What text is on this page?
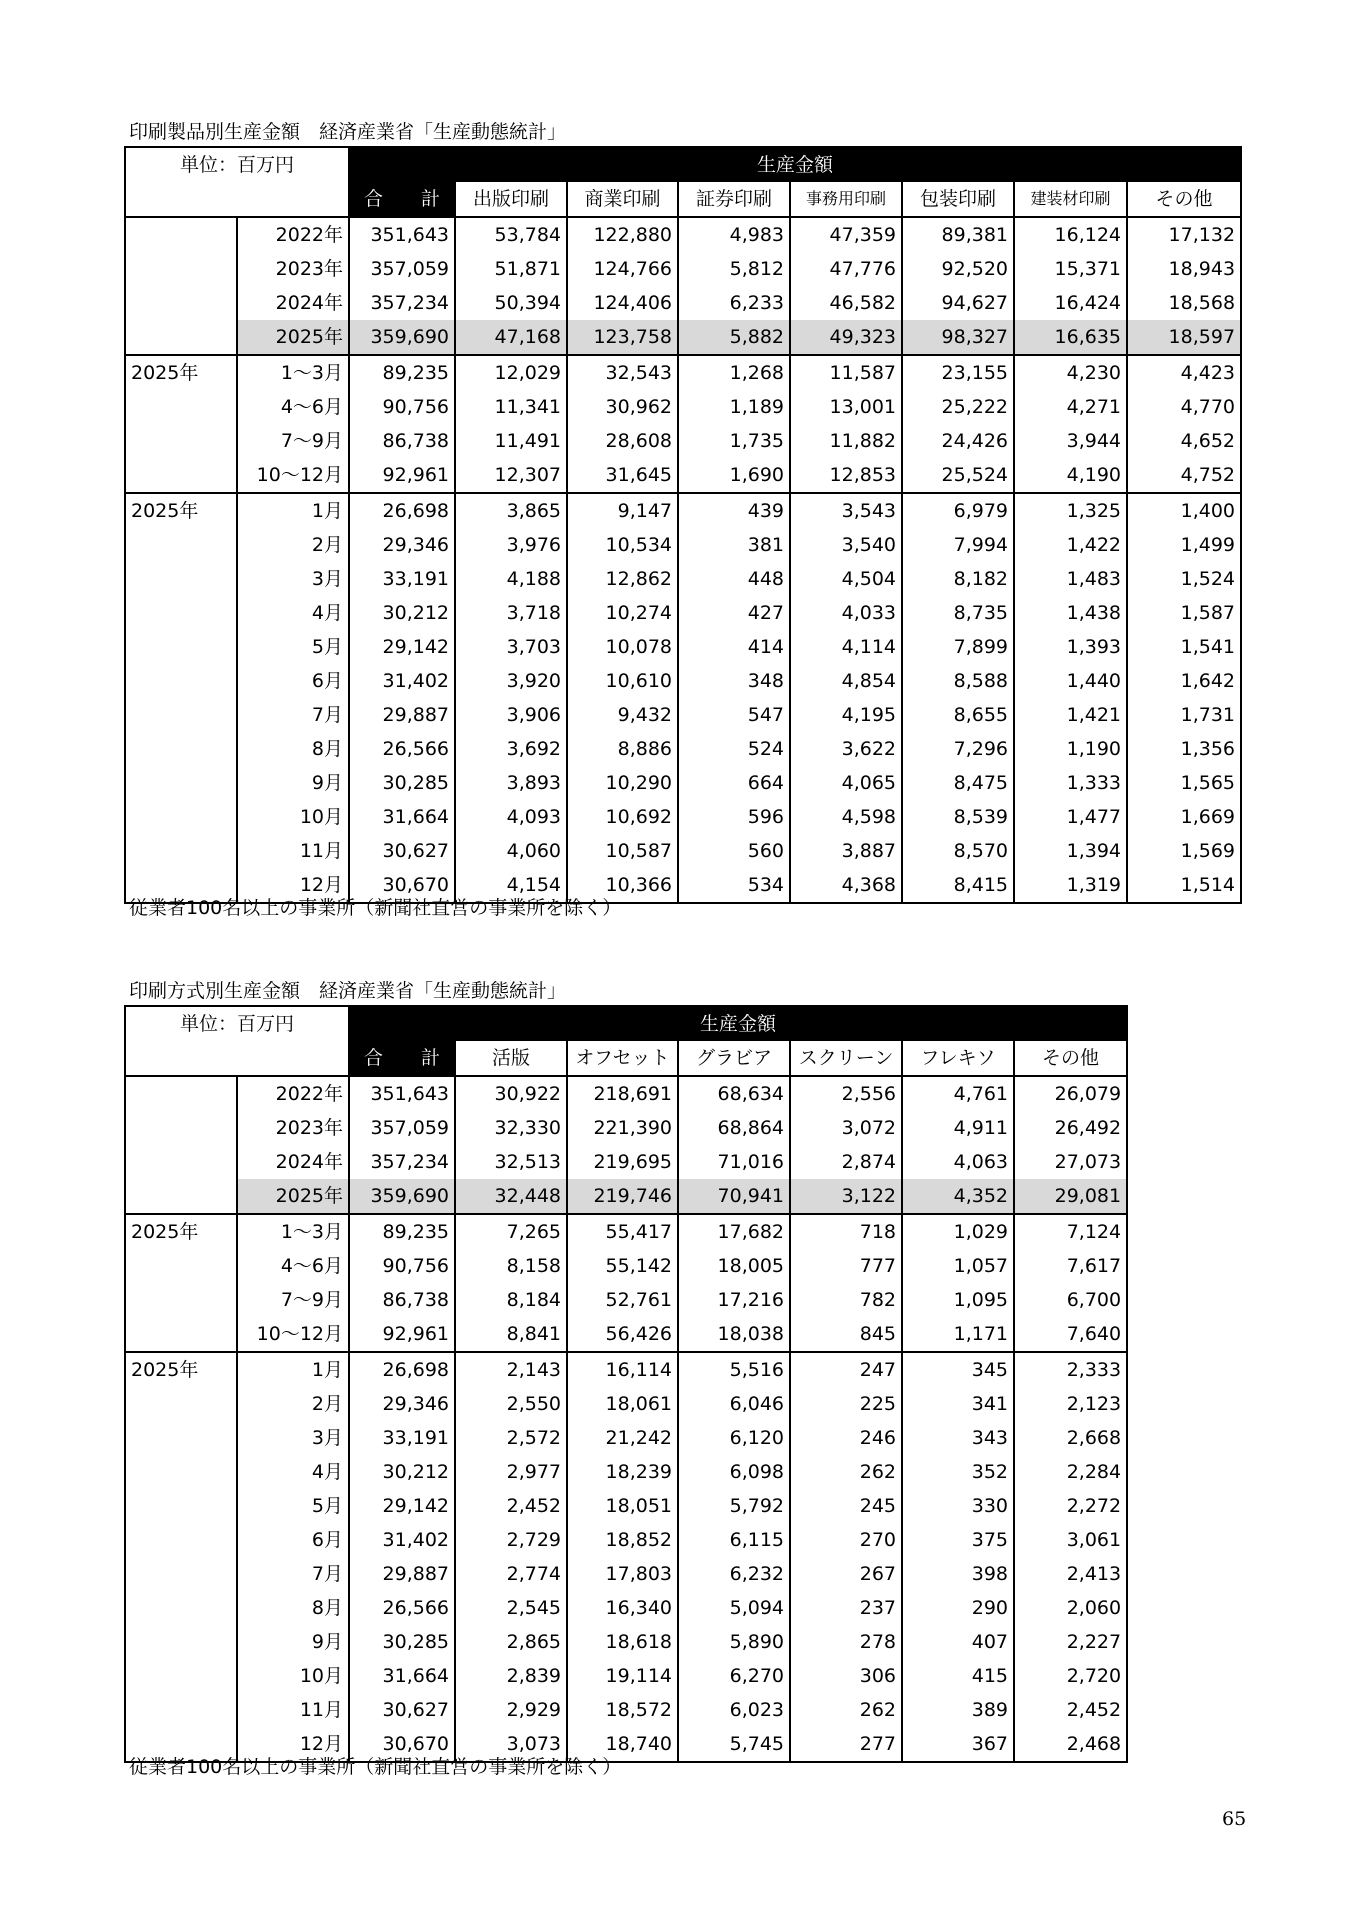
印刷製品別生産金額　経済産業省「生産動態統計」
単位：百万円		生産金額							
		合　　計	出版印刷	商業印刷	証券印刷	事務用印刷	包装印刷	建装材印刷	その他
	2022年	351,643	53,784	122,880	4,983	47,359	89,381	16,124	17,132
	2023年	357,059	51,871	124,766	5,812	47,776	92,520	15,371	18,943
	2024年	357,234	50,394	124,406	6,233	46,582	94,627	16,424	18,568
	2025年	359,690	47,168	123,758	5,882	49,323	98,327	16,635	18,597
2025年	1～3月	89,235	12,029	32,543	1,268	11,587	23,155	4,230	4,423
	4～6月	90,756	11,341	30,962	1,189	13,001	25,222	4,271	4,770
	7～9月	86,738	11,491	28,608	1,735	11,882	24,426	3,944	4,652
	10～12月	92,961	12,307	31,645	1,690	12,853	25,524	4,190	4,752
2025年	1月	26,698	3,865	9,147	439	3,543	6,979	1,325	1,400
	2月	29,346	3,976	10,534	381	3,540	7,994	1,422	1,499
	3月	33,191	4,188	12,862	448	4,504	8,182	1,483	1,524
	4月	30,212	3,718	10,274	427	4,033	8,735	1,438	1,587
	5月	29,142	3,703	10,078	414	4,114	7,899	1,393	1,541
	6月	31,402	3,920	10,610	348	4,854	8,588	1,440	1,642
	7月	29,887	3,906	9,432	547	4,195	8,655	1,421	1,731
	8月	26,566	3,692	8,886	524	3,622	7,296	1,190	1,356
	9月	30,285	3,893	10,290	664	4,065	8,475	1,333	1,565
	10月	31,664	4,093	10,692	596	4,598	8,539	1,477	1,669
	11月	30,627	4,060	10,587	560	3,887	8,570	1,394	1,569
	12月	30,670	4,154	10,366	534	4,368	8,415	1,319	1,514
従業者100名以上の事業所（新聞社直営の事業所を除く）
印刷方式別生産金額　経済産業省「生産動態統計」
単位：百万円		生産金額						
		合　　計	活版	オフセット	グラビア	スクリーン	フレキソ	その他
	2022年	351,643	30,922	218,691	68,634	2,556	4,761	26,079
	2023年	357,059	32,330	221,390	68,864	3,072	4,911	26,492
	2024年	357,234	32,513	219,695	71,016	2,874	4,063	27,073
	2025年	359,690	32,448	219,746	70,941	3,122	4,352	29,081
2025年	1～3月	89,235	7,265	55,417	17,682	718	1,029	7,124
	4～6月	90,756	8,158	55,142	18,005	777	1,057	7,617
	7～9月	86,738	8,184	52,761	17,216	782	1,095	6,700
	10～12月	92,961	8,841	56,426	18,038	845	1,171	7,640
2025年	1月	26,698	2,143	16,114	5,516	247	345	2,333
	2月	29,346	2,550	18,061	6,046	225	341	2,123
	3月	33,191	2,572	21,242	6,120	246	343	2,668
	4月	30,212	2,977	18,239	6,098	262	352	2,284
	5月	29,142	2,452	18,051	5,792	245	330	2,272
	6月	31,402	2,729	18,852	6,115	270	375	3,061
	7月	29,887	2,774	17,803	6,232	267	398	2,413
	8月	26,566	2,545	16,340	5,094	237	290	2,060
	9月	30,285	2,865	18,618	5,890	278	407	2,227
	10月	31,664	2,839	19,114	6,270	306	415	2,720
	11月	30,627	2,929	18,572	6,023	262	389	2,452
	12月	30,670	3,073	18,740	5,745	277	367	2,468
従業者100名以上の事業所（新聞社直営の事業所を除く）
65
